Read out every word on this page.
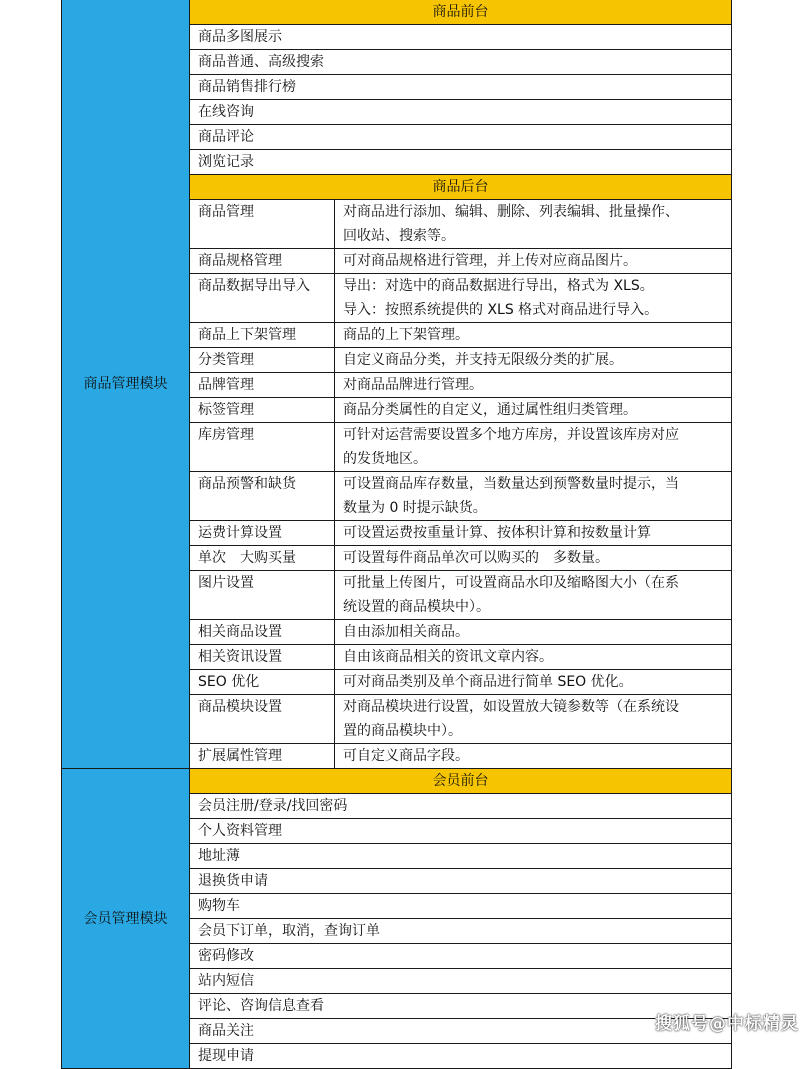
商品管理模块	商品前台	
	商品多图展示	
	商品普通、高级搜索	
	商品销售排行榜	
	在线咨询	
	商品评论	
	浏览记录	
	商品后台	
	商品管理	对商品进行添加、编辑、删除、列表编辑、批量操作、
回收站、搜索等。

	商品规格管理	可对商品规格进行管理，并上传对应商品图片。

	商品数据导出导入	导出：对选中的商品数据进行导出，格式为 XLS。
导入：按照系统提供的 XLS 格式对商品进行导入。

	商品上下架管理	商品的上下架管理。

	分类管理	自定义商品分类，并支持无限级分类的扩展。

	品牌管理	对商品品牌进行管理。

	标签管理	商品分类属性的自定义，通过属性组归类管理。

	库房管理	可针对运营需要设置多个地方库房，并设置该库房对应
的发货地区。

	商品预警和缺货	可设置商品库存数量，当数量达到预警数量时提示，当
数量为 0 时提示缺货。

	运费计算设置	可设置运费按重量计算、按体积计算和按数量计算

	单次　大购买量	可设置每件商品单次可以购买的　多数量。

	图片设置	可批量上传图片，可设置商品水印及缩略图大小（在系
统设置的商品模块中）。

	相关商品设置	自由添加相关商品。

	相关资讯设置	自由该商品相关的资讯文章内容。

	SEO 优化	可对商品类别及单个商品进行简单 SEO 优化。

	商品模块设置	对商品模块进行设置，如设置放大镜参数等（在系统设
置的商品模块中）。

	扩展属性管理	可自定义商品字段。

会员管理模块	会员前台	
	会员注册/登录/找回密码	
	个人资料管理	
	地址薄	
	退换货申请	
	购物车	
	会员下订单，取消，查询订单	
	密码修改	
	站内短信	
	评论、咨询信息查看	
	商品关注	
	提现申请	
搜狐号@中标精灵
